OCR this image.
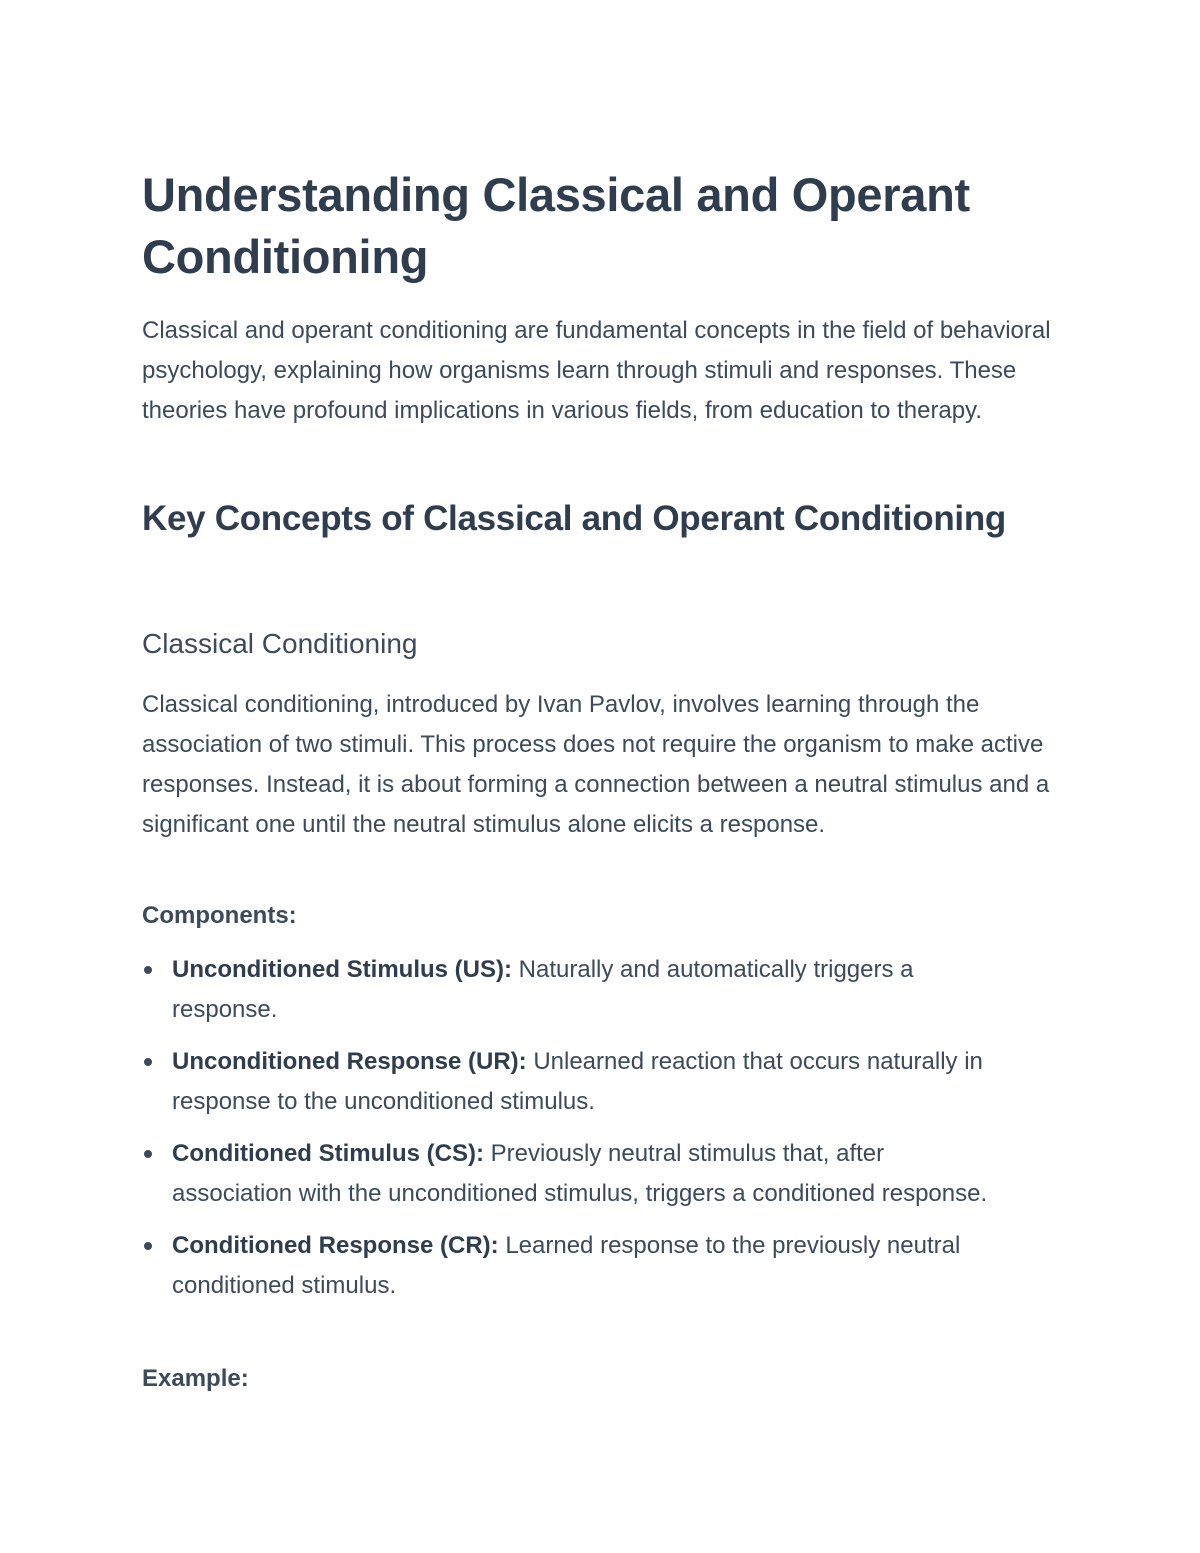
Understanding Classical and Operant Conditioning

Classical and operant conditioning are fundamental concepts in the field of behavioral psychology, explaining how organisms learn through stimuli and responses. These theories have profound implications in various fields, from education to therapy.

Key Concepts of Classical and Operant Conditioning
Classical Conditioning

Classical conditioning, introduced by Ivan Pavlov, involves learning through the association of two stimuli. This process does not require the organism to make active responses. Instead, it is about forming a connection between a neutral stimulus and a significant one until the neutral stimulus alone elicits a response.

Components:

Unconditioned Stimulus (US): Naturally and automatically triggers a response.
Unconditioned Response (UR): Unlearned reaction that occurs naturally in response to the unconditioned stimulus.
Conditioned Stimulus (CS): Previously neutral stimulus that, after association with the unconditioned stimulus, triggers a conditioned response.
Conditioned Response (CR): Learned response to the previously neutral conditioned stimulus.

Example:
